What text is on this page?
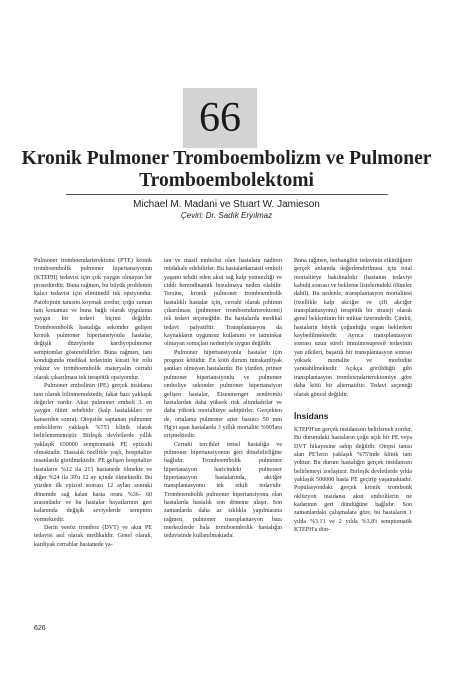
66
Kronik Pulmoner Tromboembolizm ve Pulmoner
Tromboembolektomi
Michael M. Madani ve Stuart W. Jamieson
Çeviri: Dr. Sadık Eryılmaz

Pulmoner tromboendarterektomi (PTE) kronik tromboembolik pulmoner hipertansiyonun (KTEPH) tedavisi için çok yaygın olmayan bir prosedürdür. Buna rağmen, bu büyük problemin kalıcı tedavisi için eliminedil tek opsiyondur. Patolojinin tanısını koymak zordur, çoğu zaman tanı konamaz ve buna bağlı olarak uygulama yaygın bir tedavi biçimi değildir. Tromboembolik hastalığa sekonder gelişen kronik pulmoner hipertansiyonlu hastalar, değişik düzeylerde kardiyopulmoner semptomlar gösterebilirler. Buna rağmen, tanı konduğunda medikal tedavinin kürati bir rolü yoktur ve tromboembolik materyalin cerrahi olarak çıkarılması tek terapötik opsiyondur.

Pulmoner embolinin (PE) gerçek insidansı tam olarak bilinmemektedir, fakat bazı yaklaşık değerler vardır. Akut pulmoner emboli 3. en yaygın ölüm sebebidir (kalp hastalıkları ve kanserden sonra). Otopside saptanan pulmoner embolilerin yaklaşık %75'i klinik olarak belirlenememiştir. Birleşik devletlerde yıllık yaklaşık 650000 semptomatik PE epizodu olmaktadır. Hastalık özellikle yaşlı, hospitalize insanlarda görülmektedir. PE gelişen hospitalize hastaların %12 ila 21'i hastanede ölmekte ve diğer %24 ila 39'u 12 ay içinde ölmektedir. Bu yüzden ilk epizod sonrası 12 aylan sonraki dönemde sağ kalan hasta oranı %36- 60 arasındadır ve bu hastalar hayatlarının geri kalanında değişik seviyelerde semptom vermektedir.

Derin venöz tromboz (DVT) ve akut PE tedavisi asıl olarak medikaldir. Genel olarak, kardiyak cerrahlar hastanede ya-

tan ve masif embolisi olan hastalara nadiren müdahale edebilirler. Bu hastalardamasif emboli yaşamı tehdit eden akut sağ kalp yetmezliği ve ciddi hemodinamik bozulmaya neden olabilir. Tersine, kronik pulmoner tromboembolik hastalıklı hastalar için, cerrahi olarak pıhtının çıkarılması (pulmoner tromboendarterektomi) tek tedavi seçeneğidir. Bu hastalarda medikal tedavi palyatiftir. Transplantasyon da kaynakların uygunsuz kullanımı ve tatminkar olmayan sonuçları nedeniyle uygun değildir.

Pulmoner hipertansiyonlu hastalar için prognoz kötüdür. En kötü durum intrakardiyak şantları olmayan hastalardır. Bu yüzden, primer pulmoner hipertansiyonlu ve pulmoner emboliye sekonder pulmoner hipertansiyon gelişen hastalar, Eisenmenger sendromlu hastalardan daha yüksek risk altındadırlar ve daha yüksek mortaliteye sahiptirler. Gerçekten de, ortalama pulmoner arter basıncı 50 mm Hg'yi aşan hastalarda 3 yıllık mortalite %90'lara erişmektedir.

Cerrahi tercihler temel hastalığa ve pulmoner hipertansiyonun geri dönebilirliğine bağlıdır. Tromboembolik pulmoner hipertansiyon haricindeki pulmoner hipertansiyon hastalarında, akciğer transplantasyonu tek etkili tedavidir. Tromboembolik pulmoner hipertansiyonu olan hastalarda hastalık son döneme ulaşır. Son zamanlarda daha az sıklıkla yapılmasına rağmen, pulmoner transplantasyon bazı merkezlerde hala tromboembolik hastalığın tedavisinde kullanılmaktadır.

Buna rağmen, herhangibir tedavinin etkinliğinin gerçek anlamda değerlendirilmesi için total mortaliteye bakılmalıdır (hastanın tedaviyi kabulü sonrası ve bekleme listelerindeki ölümler dahil). Bu nedenle, transplantasyon mortalitesi (özellikle kalp akciğer ve çift akciğer transplantasyonu) terapötik bir strateji olarak genel beklentinin bir miktar üzerindedir. Çünkü, hastaların büyük çoğunluğu organ beklerken kaybedilmektedir. Ayrıca transplantasyon sonrası uzun süreli immünosupresif tedavinin yan etkileri, başarılı bir transplantasyon sonrası yüksek mortalite ve morbidite yaratabilmektedir. Açıkça görüldüğü gibi transplantasyon tromboendarterektomiye göre daha kötü bir alternatiftir. Tedavi seçeneği olarak güncel değildir.

İnsidans

KTEPH'un gerçek insidansını belirlemek zordur. Bu durumdaki hastaların çoğu açık bir PE veya DVT hikayesine sahip değildir. Otopsi tanısı alan PE'lerin yaklaşık %75'inde klinik tanı yoktur. Bu durum hastalığın gerçek insidansını belirlemeyi zorlaştırır. Birleşik devletlerde yılda yaklaşık 500000 hasta PE geçirip yaşamaktadır. Popülasyondaki gerçek kronik trombotik oklüzyon insidansı akut embolilerin ne kadarının geri döndüğüne bağlıdır. Son zamanlardaki çalışmalara göre, bu hastaların 1 yılda %3.1'i ve 2 yılda %3.8'i semptomatik KTEPH'a dön-

626
